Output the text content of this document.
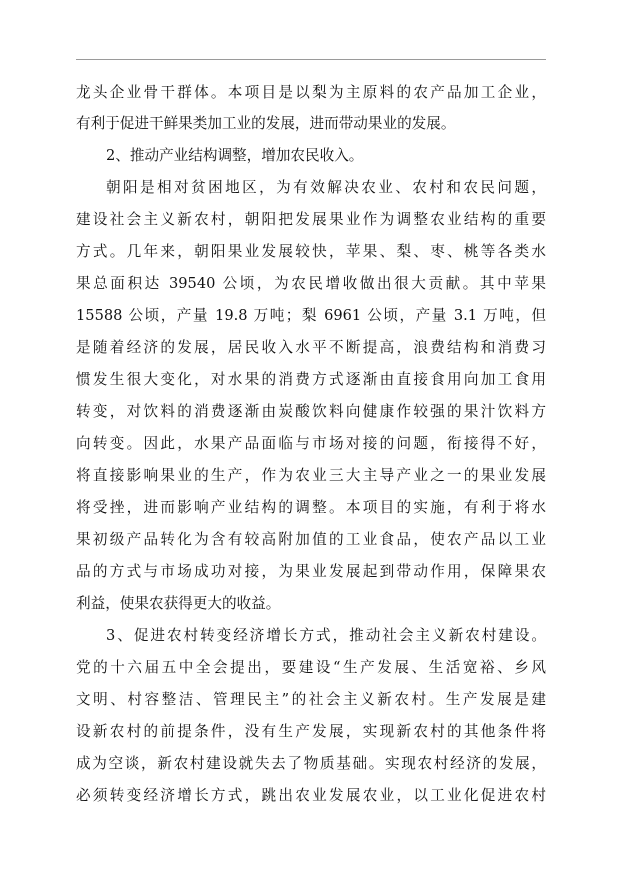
龙头企业骨干群体。本项目是以梨为主原料的农产品加工企业，

有利于促进干鲜果类加工业的发展，进而带动果业的发展。

2、推动产业结构调整，增加农民收入。

朝阳是相对贫困地区，为有效解决农业、农村和农民问题，

建设社会主义新农村，朝阳把发展果业作为调整农业结构的重要

方式。几年来，朝阳果业发展较快，苹果、梨、枣、桃等各类水

果总面积达 39540 公顷，为农民增收做出很大贡献。其中苹果

15588 公顷，产量 19.8 万吨；梨 6961 公顷，产量 3.1 万吨，但

是随着经济的发展，居民收入水平不断提高，浪费结构和消费习

惯发生很大变化，对水果的消费方式逐渐由直接食用向加工食用

转变，对饮料的消费逐渐由炭酸饮料向健康作较强的果汁饮料方

向转变。因此，水果产品面临与市场对接的问题，衔接得不好，

将直接影响果业的生产，作为农业三大主导产业之一的果业发展

将受挫，进而影响产业结构的调整。本项目的实施，有利于将水

果初级产品转化为含有较高附加值的工业食品，使农产品以工业

品的方式与市场成功对接，为果业发展起到带动作用，保障果农

利益，使果农获得更大的收益。

3、促进农村转变经济增长方式，推动社会主义新农村建设。

党的十六届五中全会提出，要建设“生产发展、生活宽裕、乡风

文明、村容整洁、管理民主”的社会主义新农村。生产发展是建

设新农村的前提条件，没有生产发展，实现新农村的其他条件将

成为空谈，新农村建设就失去了物质基础。实现农村经济的发展，

必须转变经济增长方式，跳出农业发展农业，以工业化促进农村
